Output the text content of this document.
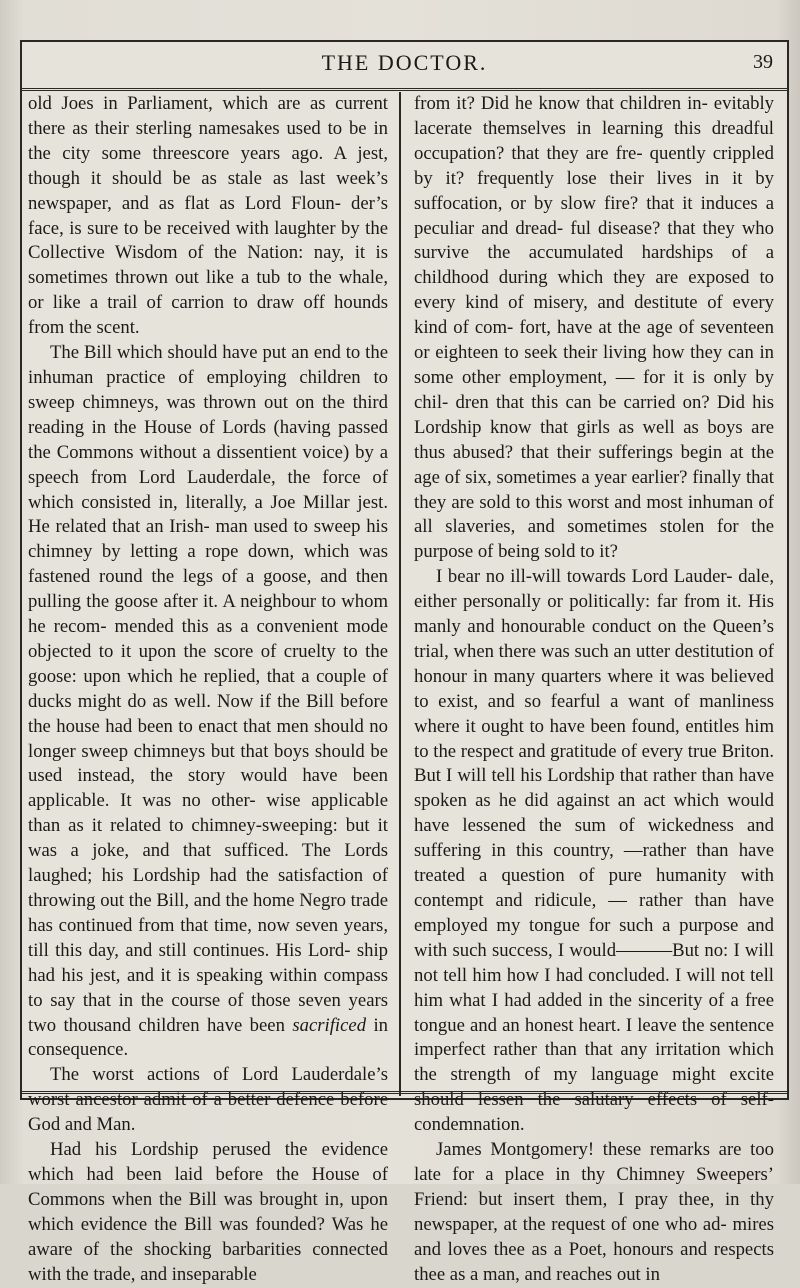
THE DOCTOR.	39

old Joes in Parliament, which are as current there as their sterling namesakes used to be in the city some threescore years ago. A jest, though it should be as stale as last week’s newspaper, and as flat as Lord Floun- der’s face, is sure to be received with laughter by the Collective Wisdom of the Nation: nay, it is sometimes thrown out like a tub to the whale, or like a trail of carrion to draw off hounds from the scent.

The Bill which should have put an end to the inhuman practice of employing children to sweep chimneys, was thrown out on the third reading in the House of Lords (having passed the Commons without a dissentient voice) by a speech from Lord Lauderdale, the force of which consisted in, literally, a Joe Millar jest. He related that an Irish- man used to sweep his chimney by letting a rope down, which was fastened round the legs of a goose, and then pulling the goose after it. A neighbour to whom he recom- mended this as a convenient mode objected to it upon the score of cruelty to the goose: upon which he replied, that a couple of ducks might do as well. Now if the Bill before the house had been to enact that men should no longer sweep chimneys but that boys should be used instead, the story would have been applicable. It was no other- wise applicable than as it related to chimney-sweeping: but it was a joke, and that sufficed. The Lords laughed; his Lordship had the satisfaction of throwing out the Bill, and the home Negro trade has continued from that time, now seven years, till this day, and still continues. His Lord- ship had his jest, and it is speaking within compass to say that in the course of those seven years two thousand children have been sacrificed in consequence.

The worst actions of Lord Lauderdale’s worst ancestor admit of a better defence before God and Man.

Had his Lordship perused the evidence which had been laid before the House of Commons when the Bill was brought in, upon which evidence the Bill was founded? Was he aware of the shocking barbarities connected with the trade, and inseparable

from it? Did he know that children in- evitably lacerate themselves in learning this dreadful occupation? that they are fre- quently crippled by it? frequently lose their lives in it by suffocation, or by slow fire? that it induces a peculiar and dread- ful disease? that they who survive the accumulated hardships of a childhood during which they are exposed to every kind of misery, and destitute of every kind of com- fort, have at the age of seventeen or eighteen to seek their living how they can in some other employment, — for it is only by chil- dren that this can be carried on? Did his Lordship know that girls as well as boys are thus abused? that their sufferings begin at the age of six, sometimes a year earlier? finally that they are sold to this worst and most inhuman of all slaveries, and sometimes stolen for the purpose of being sold to it?

I bear no ill-will towards Lord Lauder- dale, either personally or politically: far from it. His manly and honourable conduct on the Queen’s trial, when there was such an utter destitution of honour in many quarters where it was believed to exist, and so fearful a want of manliness where it ought to have been found, entitles him to the respect and gratitude of every true Briton. But I will tell his Lordship that rather than have spoken as he did against an act which would have lessened the sum of wickedness and suffering in this country, —rather than have treated a question of pure humanity with contempt and ridicule, — rather than have employed my tongue for such a purpose and with such success, I would———But no: I will not tell him how I had concluded. I will not tell him what I had added in the sincerity of a free tongue and an honest heart. I leave the sentence imperfect rather than that any irritation which the strength of my language might excite should lessen the salutary effects of self-condemnation.

James Montgomery! these remarks are too late for a place in thy Chimney Sweepers’ Friend: but insert them, I pray thee, in thy newspaper, at the request of one who ad- mires and loves thee as a Poet, honours and respects thee as a man, and reaches out in
